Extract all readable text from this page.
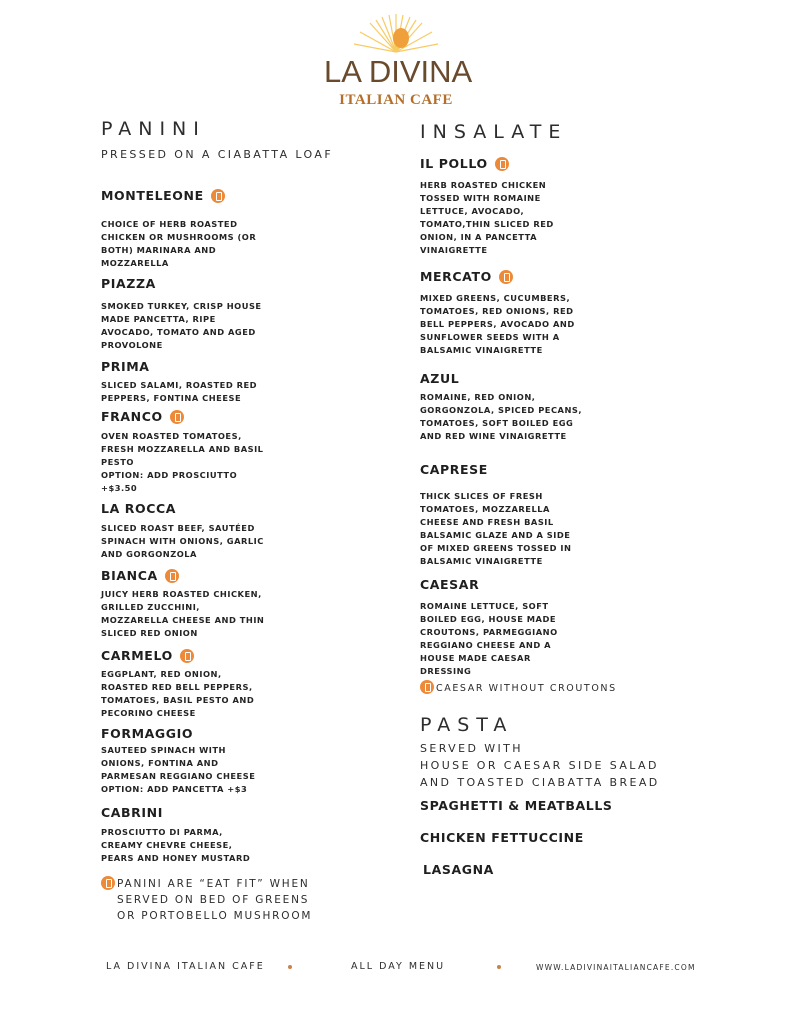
LA DIVINA
ITALIAN CAFE
PANINI
PRESSED ON A CIABATTA LOAF
MONTELEONE
CHOICE OF HERB ROASTED
CHICKEN OR MUSHROOMS (OR
BOTH) MARINARA AND
MOZZARELLA
PIAZZA
SMOKED TURKEY, CRISP HOUSE
MADE PANCETTA, RIPE
AVOCADO, TOMATO AND AGED
PROVOLONE
PRIMA
SLICED SALAMI, ROASTED RED
PEPPERS, FONTINA CHEESE
FRANCO
OVEN ROASTED TOMATOES,
FRESH MOZZARELLA AND BASIL
PESTO
OPTION: ADD PROSCIUTTO
+$3.50
LA ROCCA
SLICED ROAST BEEF, SAUTÉED
SPINACH WITH ONIONS, GARLIC
AND GORGONZOLA
BIANCA
JUICY HERB ROASTED CHICKEN,
GRILLED ZUCCHINI,
MOZZARELLA CHEESE AND THIN
SLICED RED ONION
CARMELO
EGGPLANT, RED ONION,
ROASTED RED BELL PEPPERS,
TOMATOES, BASIL PESTO AND
PECORINO CHEESE
FORMAGGIO
SAUTEED SPINACH WITH
ONIONS, FONTINA AND
PARMESAN REGGIANO CHEESE
OPTION: ADD PANCETTA +$3
CABRINI
PROSCIUTTO DI PARMA,
CREAMY CHEVRE CHEESE,
PEARS AND HONEY MUSTARD
PANINI ARE “EAT FIT” WHEN
SERVED ON BED OF GREENS
OR PORTOBELLO MUSHROOM
INSALATE
IL POLLO
HERB ROASTED CHICKEN
TOSSED WITH ROMAINE
LETTUCE, AVOCADO,
TOMATO,THIN SLICED RED
ONION, IN A PANCETTA
VINAIGRETTE
MERCATO
MIXED GREENS, CUCUMBERS,
TOMATOES, RED ONIONS, RED
BELL PEPPERS, AVOCADO AND
SUNFLOWER SEEDS WITH A
BALSAMIC VINAIGRETTE
AZUL
ROMAINE, RED ONION,
GORGONZOLA, SPICED PECANS,
TOMATOES, SOFT BOILED EGG
AND RED WINE VINAIGRETTE
CAPRESE
THICK SLICES OF FRESH
TOMATOES, MOZZARELLA
CHEESE AND FRESH BASIL
BALSAMIC GLAZE AND A SIDE
OF MIXED GREENS TOSSED IN
BALSAMIC VINAIGRETTE
CAESAR
ROMAINE LETTUCE, SOFT
BOILED EGG, HOUSE MADE
CROUTONS, PARMEGGIANO
REGGIANO CHEESE AND A
HOUSE MADE CAESAR
DRESSING
CAESAR WITHOUT CROUTONS
PASTA
SERVED WITH
HOUSE OR CAESAR SIDE SALAD
AND TOASTED CIABATTA BREAD
SPAGHETTI & MEATBALLS
CHICKEN FETTUCCINE
LASAGNA
LA DIVINA ITALIAN CAFE	ALL DAY MENU	WWW.LADIVINAITALIANCAFE.COM
